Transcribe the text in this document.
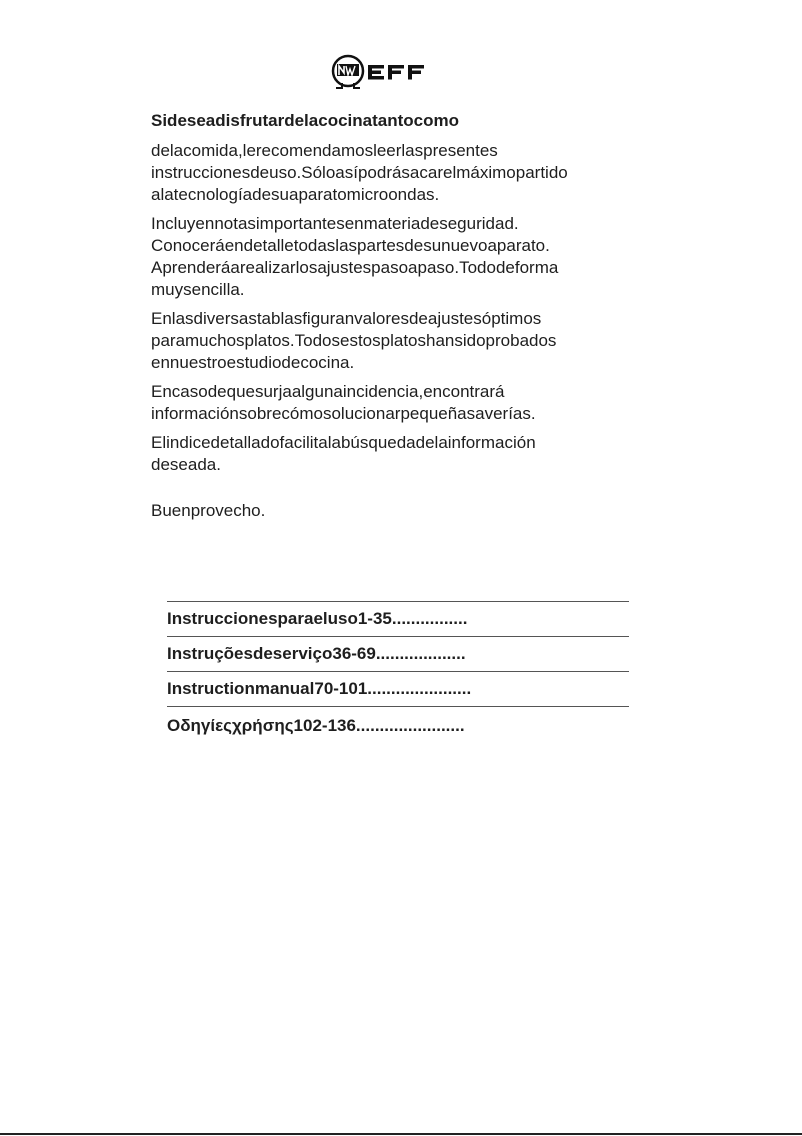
Sideseadisfrutardelacocinatantocomo

delacomida,lerecomendamosleerlaspresentes
instruccionesdeuso.Sóloasípodrásacarelmáximopartido
alatecnologíadesuaparatomicroondas.
Incluyennotasimportantesenmateriadeseguridad.
Conoceráendetalletodaslaspartesdesunuevoaparato.
Aprenderáarealizarlosajustespasoapaso.Tododeforma
muysencilla.
Enlasdiversastablasfiguranvaloresdeajustesóptimos
paramuchosplatos.Todosestosplatoshansidoprobados
ennuestroestudiodecocina.
Encasodequesurjaalgunaincidencia,encontrará
informaciónsobrecómosolucionarpequeñasaverías.
Elindicedetalladofacilitalabúsquedadelainformación
deseada.

Buenprovecho.

Instruccionesparaeluso 1-35................
Instruçõesdeserviço 36-69...................
Instructionmanual 70-101......................
Οδηγίεςχρήσης 102-136.......................
